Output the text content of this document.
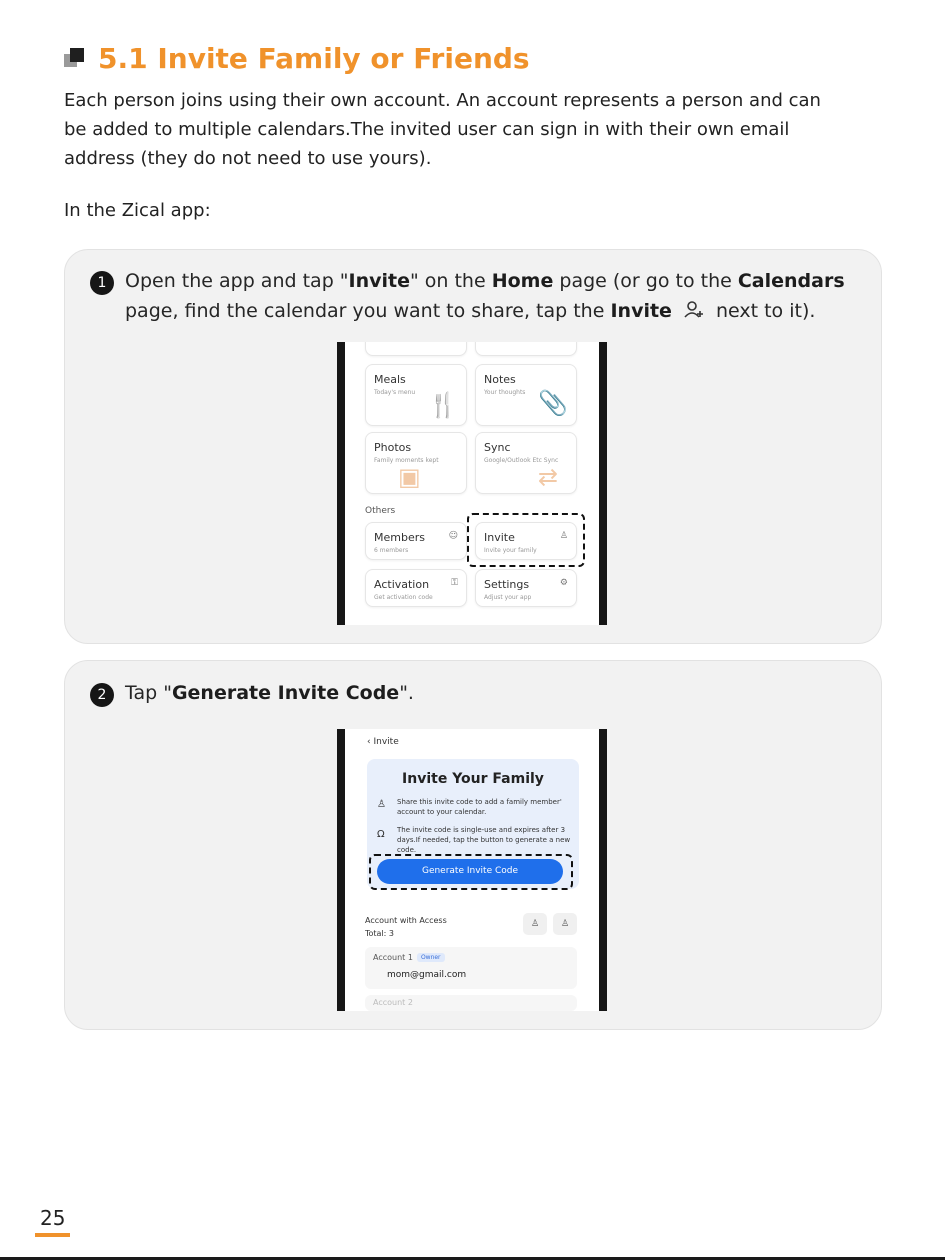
5.1 Invite Family or Friends

Each person joins using their own account. An account represents a person and can

be added to multiple calendars.The invited user can sign in with their own email

address (they do not need to use yours).

In the Zical app:
1 Open the app and tap "Invite" on the Home page (or go to the Calendars
page, find the calendar you want to share, tap the Invite next to it).
Meals
Today's menu 🍴
Notes
Your thoughts 📎
Photos
Family moments kept
▣
Sync
Google/Outlook Etc Sync
⇄
Others
Members
6 members
☺ Invite
Invite your family
♙
Activation
Get activation code
⚿ Settings
Adjust your app
⚙
2 Tap "Generate Invite Code".
‹ Invite
Invite Your Family
♙ Share this invite code to add a family member' account to your calendar.
Ω The invite code is single-use and expires after 3 days.If needed, tap the button to generate a new code.
Generate Invite Code
Account with Access
Total: 3
♙	♙
Account 1 Owner
mom@gmail.com
Account 2
25
